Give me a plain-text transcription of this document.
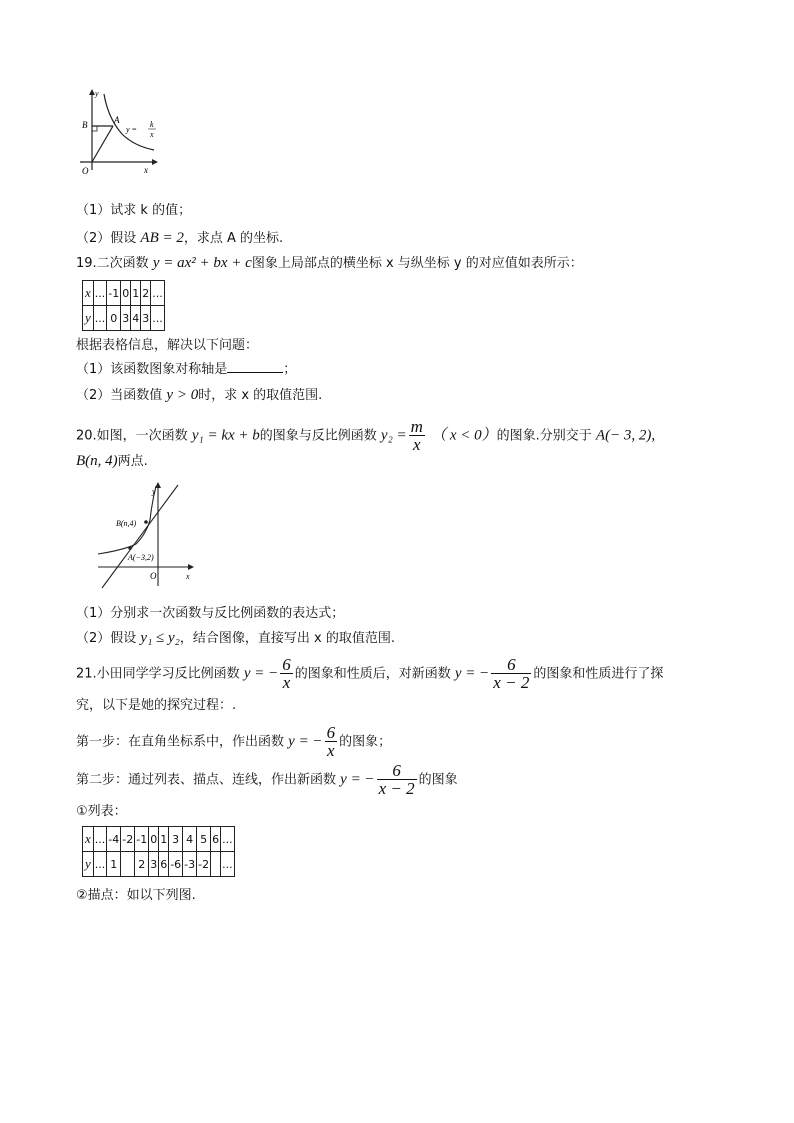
y
B	A
O	x
y =
k
x
（1）试求 k 的值；
（2）假设 AB = 2，求点 A 的坐标.
19.二次函数 y = ax² + bx + c图象上局部点的横坐标 x 与纵坐标 y 的对应值如表所示：
x	...	-1	0	1	2	...
y	...	0	3	4	3	...
根据表格信息，解决以下问题：
（1）该函数图象对称轴是	；
（2）当函数值 y > 0时，求 x 的取值范围.
20.如图，一次函数 y₁ = kx + b的图象与反比例函数 $y_2 = \frac{m}{x}$ （ x < 0）的图象.分别交于 A(− 3, 2),
B(n, 4)两点.
y
B(n,4)
A(−3,2)
O	x
（1）分别求一次函数与反比例函数的表达式；
（2）假设 y₁ ≤ y₂，结合图像，直接写出 x 的取值范围.
21.小田同学学习反比例函数 y = − $\frac{6}{x}$ 的图象和性质后，对新函数 y = − $\frac{6}{x - 2}$ 的图象和性质进行了探
究，以下是她的探究过程：.
第一步：在直角坐标系中，作出函数 y = − $\frac{6}{x}$ 的图象；
第二步：通过列表、描点、连线，作出新函数 y = − $\frac{6}{x - 2}$ 的图象
①列表：
x	...	-4	-2	-1	0	1	3	4	5	6	...
y	...	1		2	3	6	-6	-3	-2		...
②描点：如以下列图.
